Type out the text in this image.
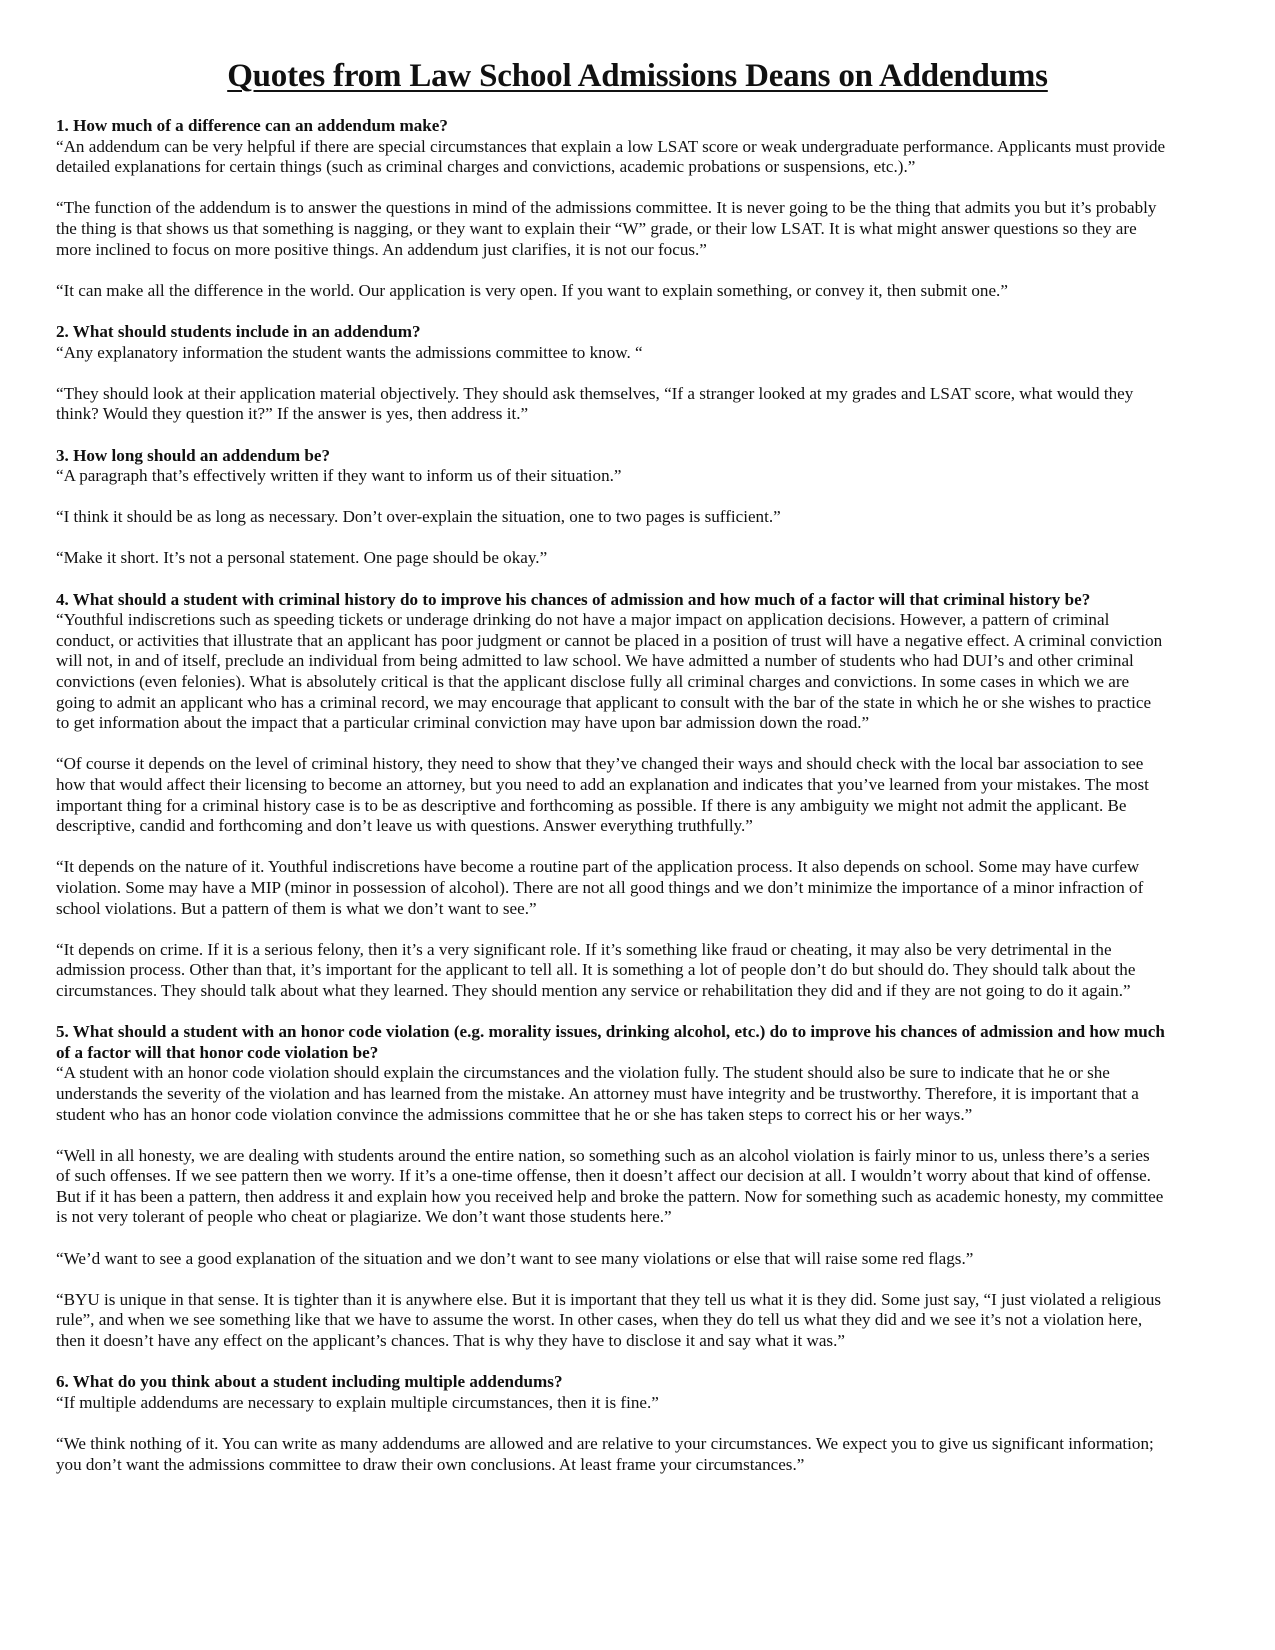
Quotes from Law School Admissions Deans on Addendums

1. How much of a difference can an addendum make?

“An addendum can be very helpful if there are special circumstances that explain a low LSAT score or weak undergraduate performance. Applicants must provide detailed explanations for certain things (such as criminal charges and convictions, academic probations or suspensions, etc.).”

“The function of the addendum is to answer the questions in mind of the admissions committee. It is never going to be the thing that admits you but it’s probably the thing is that shows us that something is nagging, or they want to explain their “W” grade, or their low LSAT. It is what might answer questions so they are more inclined to focus on more positive things. An addendum just clarifies, it is not our focus.”

“It can make all the difference in the world. Our application is very open. If you want to explain something, or convey it, then submit one.”

2. What should students include in an addendum?

“Any explanatory information the student wants the admissions committee to know. “

“They should look at their application material objectively. They should ask themselves, “If a stranger looked at my grades and LSAT score, what would they think? Would they question it?” If the answer is yes, then address it.”

3. How long should an addendum be?

“A paragraph that’s effectively written if they want to inform us of their situation.”

“I think it should be as long as necessary. Don’t over-explain the situation, one to two pages is sufficient.”

“Make it short. It’s not a personal statement. One page should be okay.”

4. What should a student with criminal history do to improve his chances of admission and how much of a factor will that criminal history be?

“Youthful indiscretions such as speeding tickets or underage drinking do not have a major impact on application decisions. However, a pattern of criminal conduct, or activities that illustrate that an applicant has poor judgment or cannot be placed in a position of trust will have a negative effect. A criminal conviction will not, in and of itself, preclude an individual from being admitted to law school. We have admitted a number of students who had DUI’s and other criminal convictions (even felonies). What is absolutely critical is that the applicant disclose fully all criminal charges and convictions. In some cases in which we are going to admit an applicant who has a criminal record, we may encourage that applicant to consult with the bar of the state in which he or she wishes to practice to get information about the impact that a particular criminal conviction may have upon bar admission down the road.”

“Of course it depends on the level of criminal history, they need to show that they’ve changed their ways and should check with the local bar association to see how that would affect their licensing to become an attorney, but you need to add an explanation and indicates that you’ve learned from your mistakes. The most important thing for a criminal history case is to be as descriptive and forthcoming as possible. If there is any ambiguity we might not admit the applicant. Be descriptive, candid and forthcoming and don’t leave us with questions. Answer everything truthfully.”

“It depends on the nature of it. Youthful indiscretions have become a routine part of the application process. It also depends on school. Some may have curfew violation. Some may have a MIP (minor in possession of alcohol). There are not all good things and we don’t minimize the importance of a minor infraction of school violations. But a pattern of them is what we don’t want to see.”

“It depends on crime. If it is a serious felony, then it’s a very significant role. If it’s something like fraud or cheating, it may also be very detrimental in the admission process. Other than that, it’s important for the applicant to tell all. It is something a lot of people don’t do but should do. They should talk about the circumstances. They should talk about what they learned. They should mention any service or rehabilitation they did and if they are not going to do it again.”

5. What should a student with an honor code violation (e.g. morality issues, drinking alcohol, etc.) do to improve his chances of admission and how much of a factor will that honor code violation be?

“A student with an honor code violation should explain the circumstances and the violation fully. The student should also be sure to indicate that he or she understands the severity of the violation and has learned from the mistake. An attorney must have integrity and be trustworthy. Therefore, it is important that a student who has an honor code violation convince the admissions committee that he or she has taken steps to correct his or her ways.”

“Well in all honesty, we are dealing with students around the entire nation, so something such as an alcohol violation is fairly minor to us, unless there’s a series of such offenses. If we see pattern then we worry. If it’s a one-time offense, then it doesn’t affect our decision at all. I wouldn’t worry about that kind of offense. But if it has been a pattern, then address it and explain how you received help and broke the pattern. Now for something such as academic honesty, my committee is not very tolerant of people who cheat or plagiarize. We don’t want those students here.”

“We’d want to see a good explanation of the situation and we don’t want to see many violations or else that will raise some red flags.”

“BYU is unique in that sense. It is tighter than it is anywhere else. But it is important that they tell us what it is they did. Some just say, “I just violated a religious rule”, and when we see something like that we have to assume the worst. In other cases, when they do tell us what they did and we see it’s not a violation here, then it doesn’t have any effect on the applicant’s chances. That is why they have to disclose it and say what it was.”

6. What do you think about a student including multiple addendums?

“If multiple addendums are necessary to explain multiple circumstances, then it is fine.”

“We think nothing of it. You can write as many addendums are allowed and are relative to your circumstances. We expect you to give us significant information; you don’t want the admissions committee to draw their own conclusions. At least frame your circumstances.”
